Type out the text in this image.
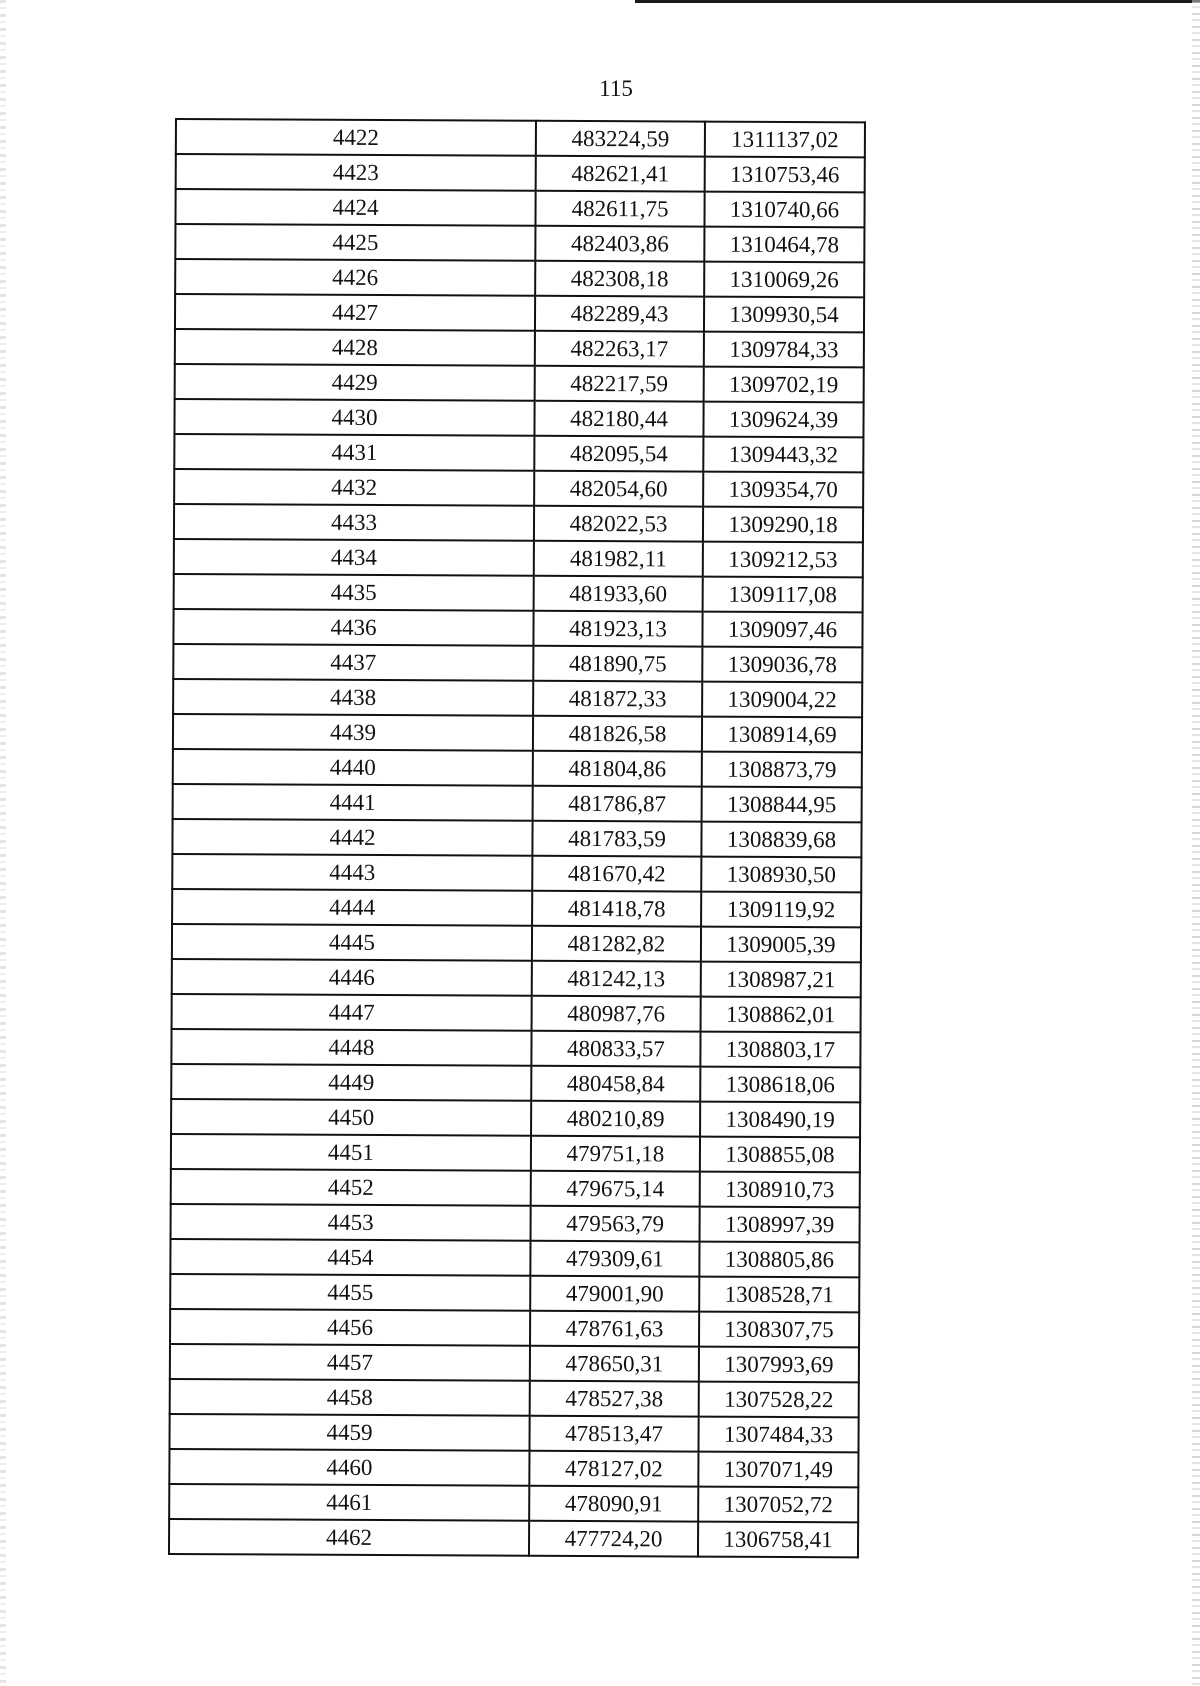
115
4422	483224,59	1311137,02
4423	482621,41	1310753,46
4424	482611,75	1310740,66
4425	482403,86	1310464,78
4426	482308,18	1310069,26
4427	482289,43	1309930,54
4428	482263,17	1309784,33
4429	482217,59	1309702,19
4430	482180,44	1309624,39
4431	482095,54	1309443,32
4432	482054,60	1309354,70
4433	482022,53	1309290,18
4434	481982,11	1309212,53
4435	481933,60	1309117,08
4436	481923,13	1309097,46
4437	481890,75	1309036,78
4438	481872,33	1309004,22
4439	481826,58	1308914,69
4440	481804,86	1308873,79
4441	481786,87	1308844,95
4442	481783,59	1308839,68
4443	481670,42	1308930,50
4444	481418,78	1309119,92
4445	481282,82	1309005,39
4446	481242,13	1308987,21
4447	480987,76	1308862,01
4448	480833,57	1308803,17
4449	480458,84	1308618,06
4450	480210,89	1308490,19
4451	479751,18	1308855,08
4452	479675,14	1308910,73
4453	479563,79	1308997,39
4454	479309,61	1308805,86
4455	479001,90	1308528,71
4456	478761,63	1308307,75
4457	478650,31	1307993,69
4458	478527,38	1307528,22
4459	478513,47	1307484,33
4460	478127,02	1307071,49
4461	478090,91	1307052,72
4462	477724,20	1306758,41
